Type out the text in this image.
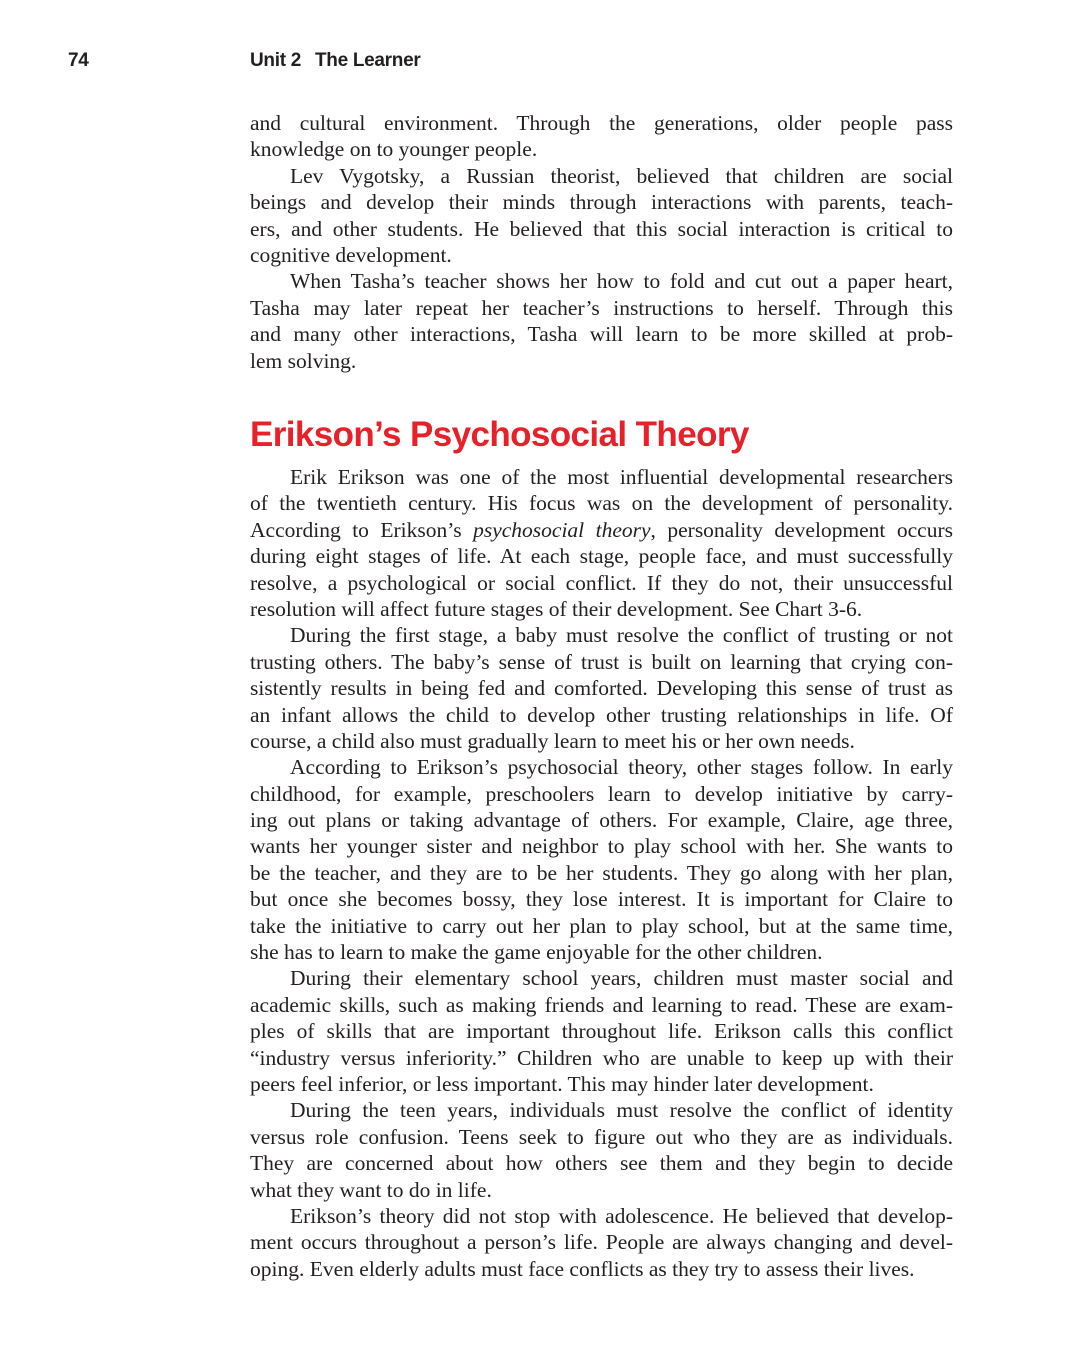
74	Unit 2 The Learner
and cultural environment. Through the generations, older people pass
knowledge on to younger people.
Lev Vygotsky, a Russian theorist, believed that children are social
beings and develop their minds through interactions with parents, teach-
ers, and other students. He believed that this social interaction is critical to
cognitive development.
When Tasha’s teacher shows her how to fold and cut out a paper heart,
Tasha may later repeat her teacher’s instructions to herself. Through this
and many other interactions, Tasha will learn to be more skilled at prob-
lem solving.
Erikson’s Psychosocial Theory
Erik Erikson was one of the most influential developmental researchers
of the twentieth century. His focus was on the development of personality.
According to Erikson’s psychosocial theory, personality development occurs
during eight stages of life. At each stage, people face, and must successfully
resolve, a psychological or social conflict. If they do not, their unsuccessful
resolution will affect future stages of their development. See Chart 3-6.
During the first stage, a baby must resolve the conflict of trusting or not
trusting others. The baby’s sense of trust is built on learning that crying con-
sistently results in being fed and comforted. Developing this sense of trust as
an infant allows the child to develop other trusting relationships in life. Of
course, a child also must gradually learn to meet his or her own needs.
According to Erikson’s psychosocial theory, other stages follow. In early
childhood, for example, preschoolers learn to develop initiative by carry-
ing out plans or taking advantage of others. For example, Claire, age three,
wants her younger sister and neighbor to play school with her. She wants to
be the teacher, and they are to be her students. They go along with her plan,
but once she becomes bossy, they lose interest. It is important for Claire to
take the initiative to carry out her plan to play school, but at the same time,
she has to learn to make the game enjoyable for the other children.
During their elementary school years, children must master social and
academic skills, such as making friends and learning to read. These are exam-
ples of skills that are important throughout life. Erikson calls this conflict
“industry versus inferiority.” Children who are unable to keep up with their
peers feel inferior, or less important. This may hinder later development.
During the teen years, individuals must resolve the conflict of identity
versus role confusion. Teens seek to figure out who they are as individuals.
They are concerned about how others see them and they begin to decide
what they want to do in life.
Erikson’s theory did not stop with adolescence. He believed that develop-
ment occurs throughout a person’s life. People are always changing and devel-
oping. Even elderly adults must face conflicts as they try to assess their lives.
